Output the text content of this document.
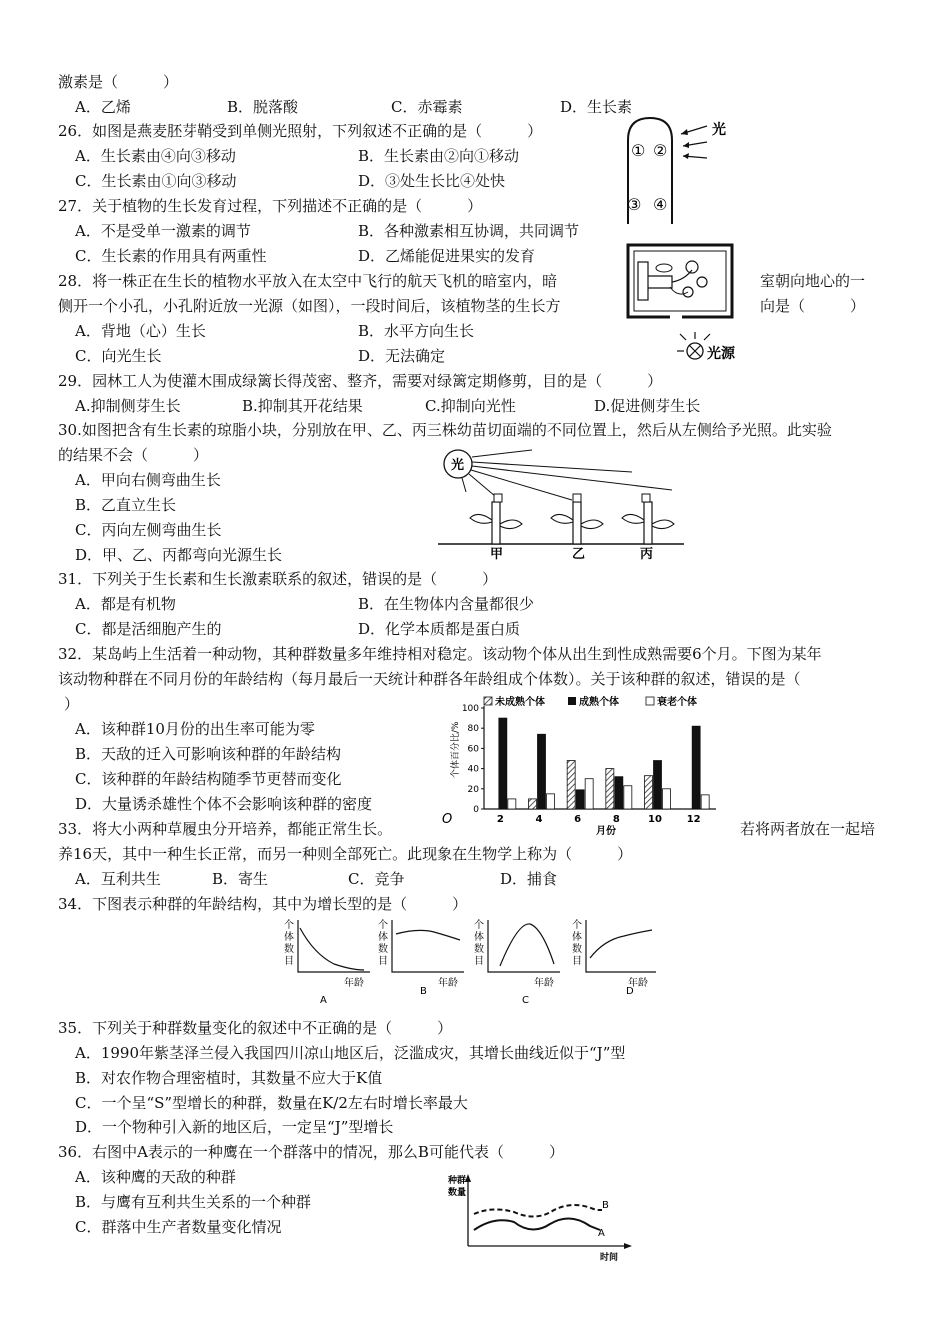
激素是（　　　）
A．乙烯	B．脱落酸	C．赤霉素	D．生长素
26．如图是燕麦胚芽鞘受到单侧光照射，下列叙述不正确的是（　　　）
A．生长素由④向③移动	B．生长素由②向①移动
C．生长素由①向③移动	D．③处生长比④处快
光
① ②
③ ④
27．关于植物的生长发育过程，下列描述不正确的是（　　　）
A．不是受单一激素的调节	B．各种激素相互协调，共同调节
C．生长素的作用具有两重性	D．乙烯能促进果实的发育
28．将一株正在生长的植物水平放入在太空中飞行的航天飞机的暗室内，暗	室朝向地心的一
侧开一个小孔，小孔附近放一光源（如图），一段时间后，该植物茎的生长方	向是（　　　）
A．背地（心）生长	B．水平方向生长
C．向光生长	D．无法确定	光源
29．园林工人为使灌木围成绿篱长得茂密、整齐，需要对绿篱定期修剪，目的是（　　　）
A.抑制侧芽生长	B.抑制其开花结果	C.抑制向光性	D.促进侧芽生长
30.如图把含有生长素的琼脂小块，分别放在甲、乙、丙三株幼苗切面端的不同位置上，然后从左侧给予光照。此实验
的结果不会（　　　）
A．甲向右侧弯曲生长
B．乙直立生长
C．丙向左侧弯曲生长
D．甲、乙、丙都弯向光源生长
光
甲	乙	丙
31．下列关于生长素和生长激素联系的叙述，错误的是（　　　）
A．都是有机物	B．在生物体内含量都很少
C．都是活细胞产生的	D．化学本质都是蛋白质
32．某岛屿上生活着一种动物，其种群数量多年维持相对稳定。该动物个体从出生到性成熟需要6个月。下图为某年
该动物种群在不同月份的年龄结构（每月最后一天统计种群各年龄组成个体数）。关于该种群的叙述，错误的是（
）
A．该种群10月份的出生率可能为零
B．天敌的迁入可影响该种群的年龄结构
C．该种群的年龄结构随季节更替而变化
D．大量诱杀雄性个体不会影响该种群的密度
未成熟个体	成熟个体	衰老个体
个体百分比/%
O
月份
0
20
40
60
80
100
2	4	6	8	10 12
33．将大小两种草履虫分开培养，都能正常生长。	若将两者放在一起培
养16天，其中一种生长正常，而另一种则全部死亡。此现象在生物学上称为（　　　）
A．互利共生	B．寄生	C．竞争	D．捕食
34．下图表示种群的年龄结构，其中为增长型的是（　　　）
个
体
数
目
年龄
A
个
体
数
目
年龄
B
个
体
数
目
年龄
C
个
体
数
目
年龄
D
35．下列关于种群数量变化的叙述中不正确的是（　　　）
A．1990年紫茎泽兰侵入我国四川凉山地区后，泛滥成灾，其增长曲线近似于“J”型
B．对农作物合理密植时，其数量不应大于K值
C．一个呈“S”型增长的种群，数量在K/2左右时增长率最大
D．一个物种引入新的地区后，一定呈“J”型增长
36．右图中A表示的一种鹰在一个群落中的情况，那么B可能代表（　　　）
A．该种鹰的天敌的种群
B．与鹰有互利共生关系的一个种群
C．群落中生产者数量变化情况
种群
数量
B
A
时间
